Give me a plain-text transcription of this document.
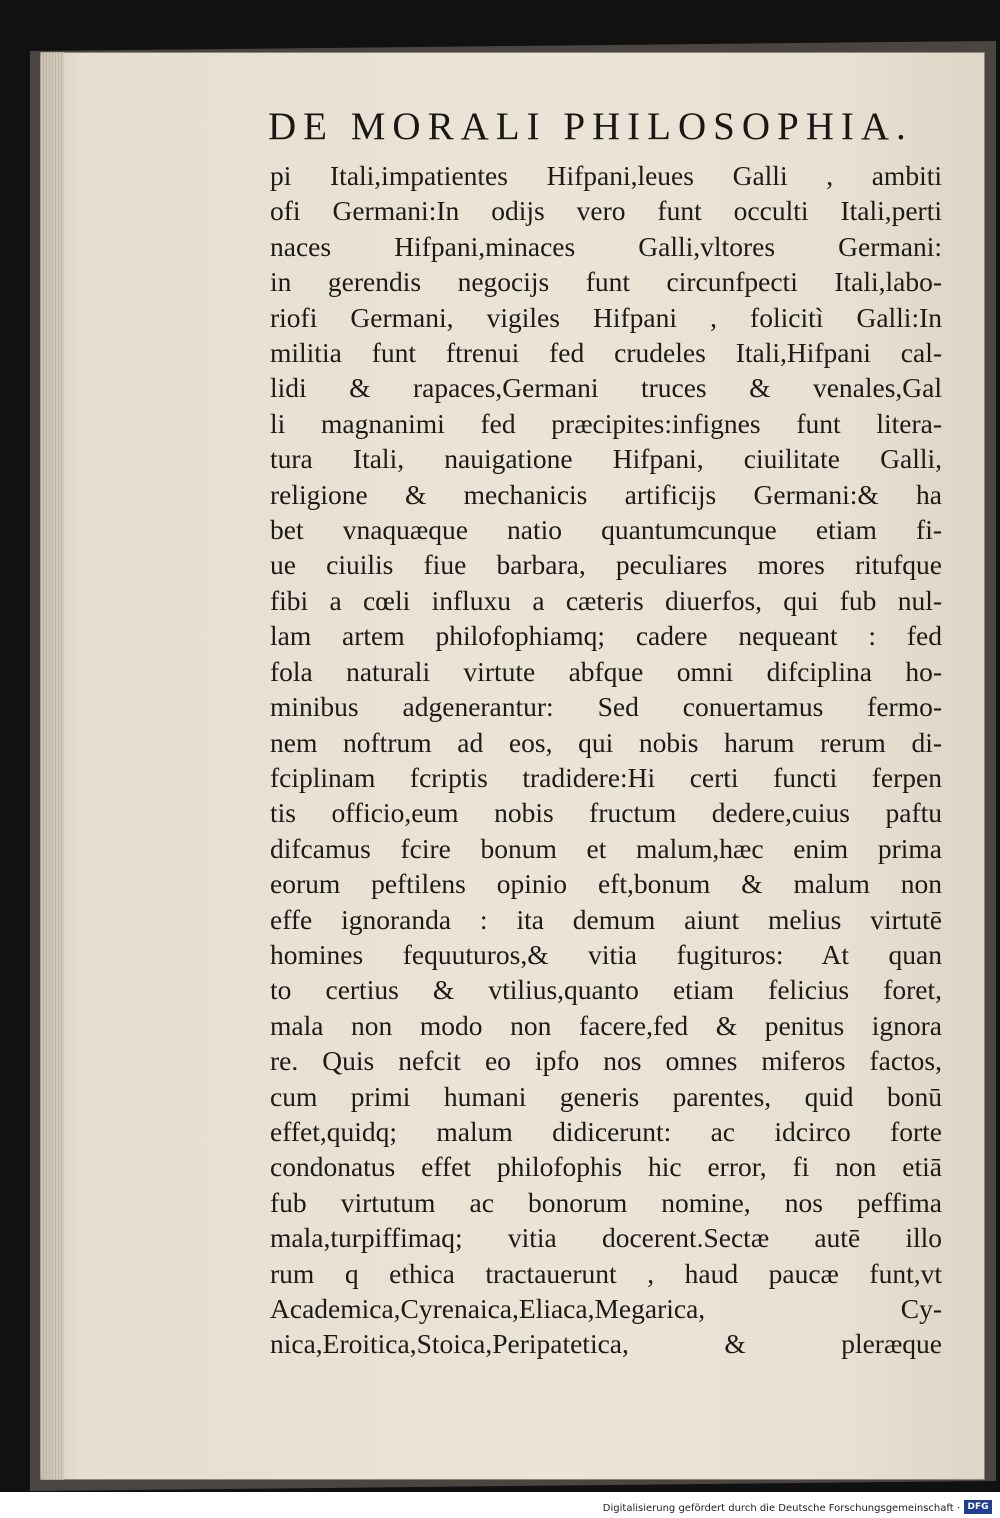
DE MORALI PHILOSOPHIA.
pi Itali,impatientes Hifpani,leues Galli , ambiti
ofi Germani:In odijs vero funt occulti Itali,perti
naces Hifpani,minaces Galli,vltores Germani:
in gerendis negocijs funt circunfpecti Itali,labo-
riofi Germani, vigiles Hifpani , folicitì Galli:In
militia funt ftrenui fed crudeles Itali,Hifpani cal-
lidi & rapaces,Germani truces & venales,Gal
li magnanimi fed præcipites:infignes funt litera-
tura Itali, nauigatione Hifpani, ciuilitate Galli,
religione & mechanicis artificijs Germani:& ha
bet vnaquæque natio quantumcunque etiam fi-
ue ciuilis fiue barbara, peculiares mores ritufque
fibi a cœli influxu a cæteris diuerfos, qui fub nul-
lam artem philofophiamq; cadere nequeant : fed
fola naturali virtute abfque omni difciplina ho-
minibus adgenerantur: Sed conuertamus fermo-
nem noftrum ad eos, qui nobis harum rerum di-
fciplinam fcriptis tradidere:Hi certi functi ferpen
tis officio,eum nobis fructum dedere,cuius paftu
difcamus fcire bonum et malum,hæc enim prima
eorum peftilens opinio eft,bonum & malum non
effe ignoranda : ita demum aiunt melius virtutē
homines fequuturos,& vitia fugituros: At quan
to certius & vtilius,quanto etiam felicius foret,
mala non modo non facere,fed & penitus ignora
re. Quis nefcit eo ipfo nos omnes miferos factos,
cum primi humani generis parentes, quid bonū
effet,quidq; malum didicerunt: ac idcirco forte
condonatus effet philofophis hic error, fi non etiā
fub virtutum ac bonorum nomine, nos peffima
mala,turpiffimaq; vitia docerent.Sectæ autē illo
rum q ethica tractauerunt , haud paucæ funt,vt
Academica,Cyrenaica,Eliaca,Megarica, Cy-
nica,Eroitica,Stoica,Peripatetica, & pleræque
Digitalisierung gefördert durch die Deutsche Forschungsgemeinschaft · DFG
